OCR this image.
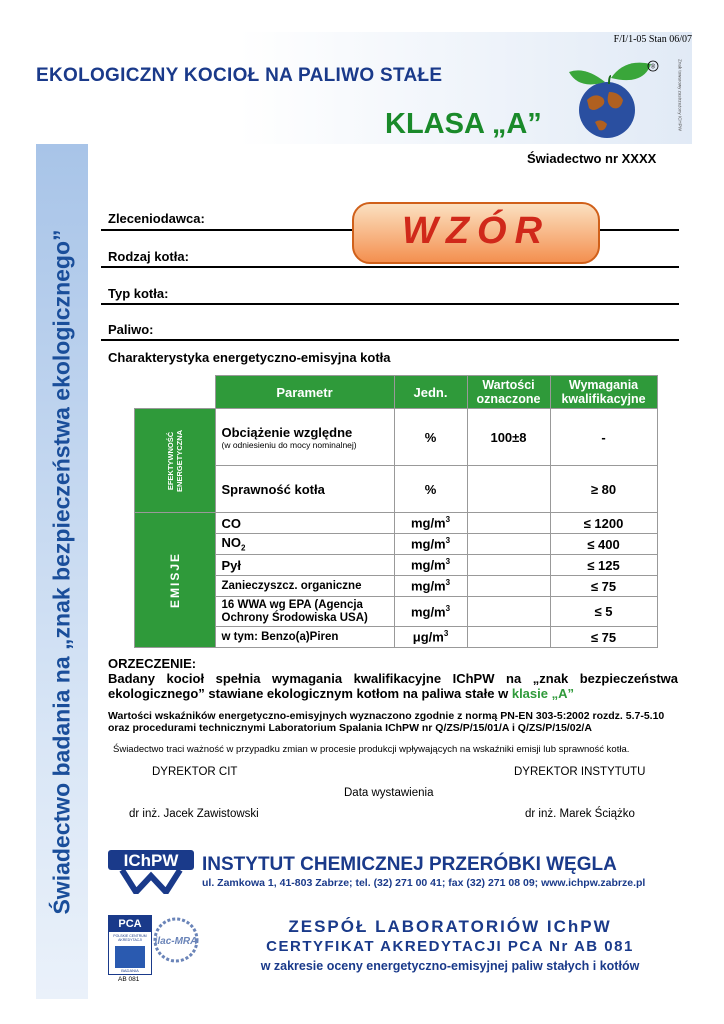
Świadectwo badania na „znak bezpieczeństwa ekologicznego”
F/I/1-05 Stan 06/07
EKOLOGICZNY KOCIOŁ NA PALIWO STAŁE
KLASA „A”
®	Znak towarowy zastrzeżony ICHPW
Świadectwo nr XXXX
Zleceniodawca:
Rodzaj kotła:
Typ kotła:
Paliwo:
WZÓR
Charakterystyka energetyczno-emisyjna kotła
	Parametr	Jedn.	Wartości oznaczone	Wymagania kwalifikacyjne

EFEKTYWNOŚĆ ENERGETYCZNA	Obciążenie względne
(w odniesieniu do mocy nominalnej)	%	100±8	-
	Sprawność kotła	%		≥ 80

EMISJE	CO	$mg/m^3$		≤ 1200
	$NO_2$	$mg/m^3$		≤ 400
	Pył	$mg/m^3$		≤ 125
	Zanieczyszcz. organiczne	$mg/m^3$		≤ 75
	16 WWA wg EPA (Agencja Ochrony Środowiska USA)	$mg/m^3$		≤ 5
	w tym: Benzo(a)Piren	$\mu g/m^3$		≤ 75
ORZECZENIE:
Badany kocioł spełnia wymagania kwalifikacyjne IChPW na „znak bezpieczeństwa ekologicznego” stawiane ekologicznym kotłom na paliwa stałe w klasie „A”
Wartości wskaźników energetyczno-emisyjnych wyznaczono zgodnie z normą PN-EN 303-5:2002 rozdz. 5.7-5.10 oraz procedurami technicznymi Laboratorium Spalania IChPW nr Q/ZS/P/15/01/A i Q/ZS/P/15/02/A
Świadectwo traci ważność w przypadku zmian w procesie produkcji wpływających na wskaźniki emisji lub sprawność kotła.
DYREKTOR CIT	DYREKTOR INSTYTUTU
Data wystawienia
dr inż. Jacek Zawistowski	dr inż. Marek Ściążko
IChPW INSTYTUT CHEMICZNEJ PRZERÓBKI WĘGLA
ul. Zamkowa 1, 41-803 Zabrze; tel. (32) 271 00 41; fax (32) 271 08 09; www.ichpw.zabrze.pl
PCA
POLSKIE CENTRUM AKREDYTACJI
BADANIA
AB 081
ilac-MRA
ZESPÓŁ LABORATORIÓW IChPW
CERTYFIKAT AKREDYTACJI PCA Nr AB 081
w zakresie oceny energetyczno-emisyjnej paliw stałych i kotłów
